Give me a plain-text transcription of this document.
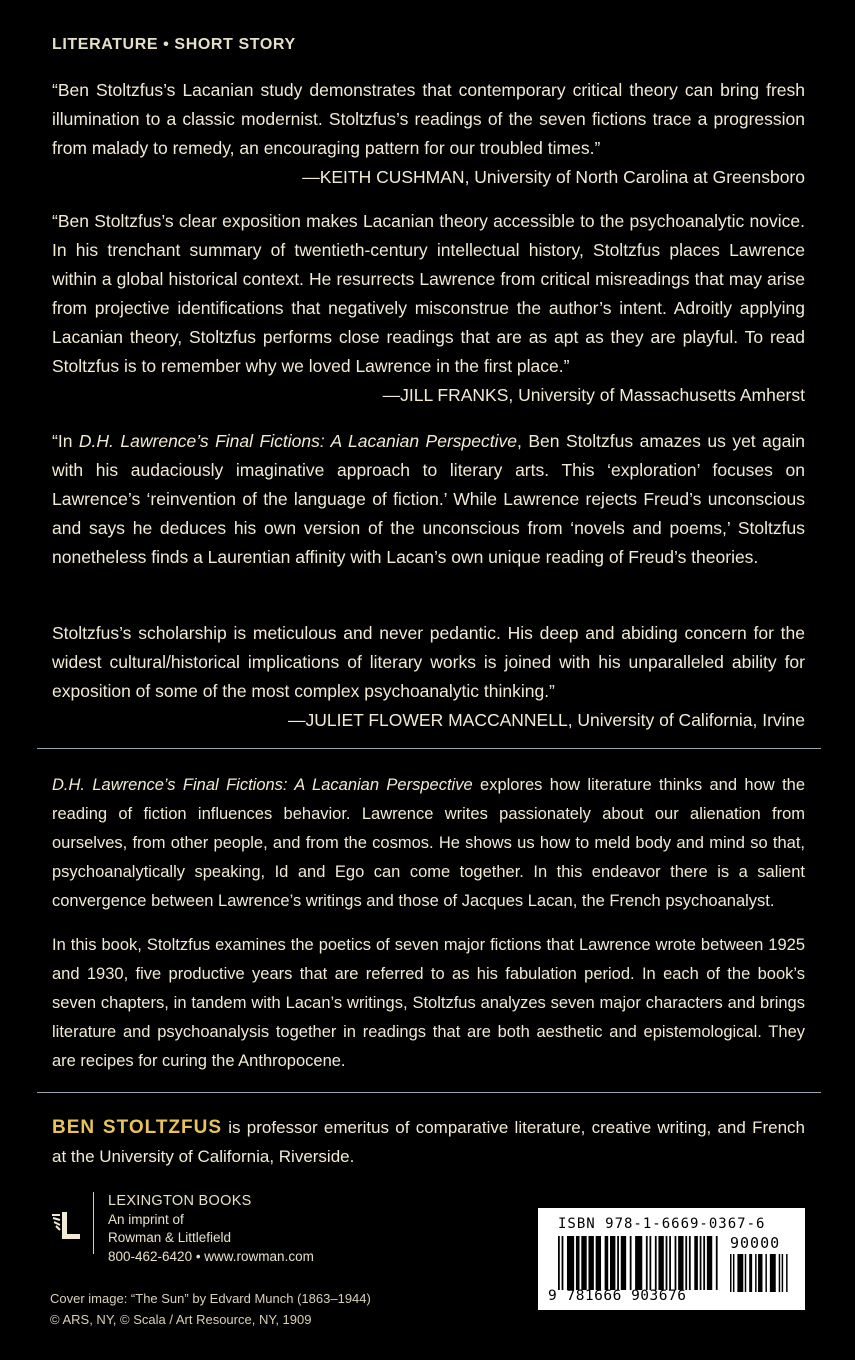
LITERATURE • SHORT STORY

“Ben Stoltzfus’s Lacanian study demonstrates that contemporary critical theory can bring fresh illumination to a classic modernist. Stoltzfus’s readings of the seven fictions trace a progression from malady to remedy, an encouraging pattern for our troubled times.”
—KEITH CUSHMAN, University of North Carolina at Greensboro

“Ben Stoltzfus’s clear exposition makes Lacanian theory accessible to the psychoanalytic novice. In his trenchant summary of twentieth-century intellectual history, Stoltzfus places Lawrence within a global historical context. He resurrects Lawrence from critical misreadings that may arise from projective identifications that negatively misconstrue the author’s intent. Adroitly applying Lacanian theory, Stoltzfus performs close readings that are as apt as they are playful. To read Stoltzfus is to remember why we loved Lawrence in the first place.”
—JILL FRANKS, University of Massachusetts Amherst

“In D.H. Lawrence’s Final Fictions: A Lacanian Perspective, Ben Stoltzfus amazes us yet again with his audaciously imaginative approach to literary arts. This ‘exploration’ focuses on Lawrence’s ‘reinvention of the language of fiction.’ While Lawrence rejects Freud’s unconscious and says he deduces his own version of the unconscious from ‘novels and poems,’ Stoltzfus nonetheless finds a Laurentian affinity with Lacan’s own unique reading of Freud’s theories.

Stoltzfus’s scholarship is meticulous and never pedantic. His deep and abiding concern for the widest cultural/historical implications of literary works is joined with his unparalleled ability for exposition of some of the most complex psychoanalytic thinking.”
—JULIET FLOWER MACCANNELL, University of California, Irvine

D.H. Lawrence’s Final Fictions: A Lacanian Perspective explores how literature thinks and how the reading of fiction influences behavior. Lawrence writes passionately about our alienation from ourselves, from other people, and from the cosmos. He shows us how to meld body and mind so that, psychoanalytically speaking, Id and Ego can come together. In this endeavor there is a salient convergence between Lawrence’s writings and those of Jacques Lacan, the French psychoanalyst.

In this book, Stoltzfus examines the poetics of seven major fictions that Lawrence wrote between 1925 and 1930, five productive years that are referred to as his fabulation period. In each of the book’s seven chapters, in tandem with Lacan’s writings, Stoltzfus analyzes seven major characters and brings literature and psychoanalysis together in readings that are both aesthetic and epistemological. They are recipes for curing the Anthropocene.

BEN STOLTZFUS is professor emeritus of comparative literature, creative writing, and French at the University of California, Riverside.

LEXINGTON BOOKS
An imprint of
Rowman & Littlefield
800-462-6420 • www.rowman.com
Cover image: “The Sun” by Edvard Munch (1863–1944)
© ARS, NY, © Scala / Art Resource, NY, 1909
ISBN 978-1-6669-0367-6
90000
9 781666 903676
